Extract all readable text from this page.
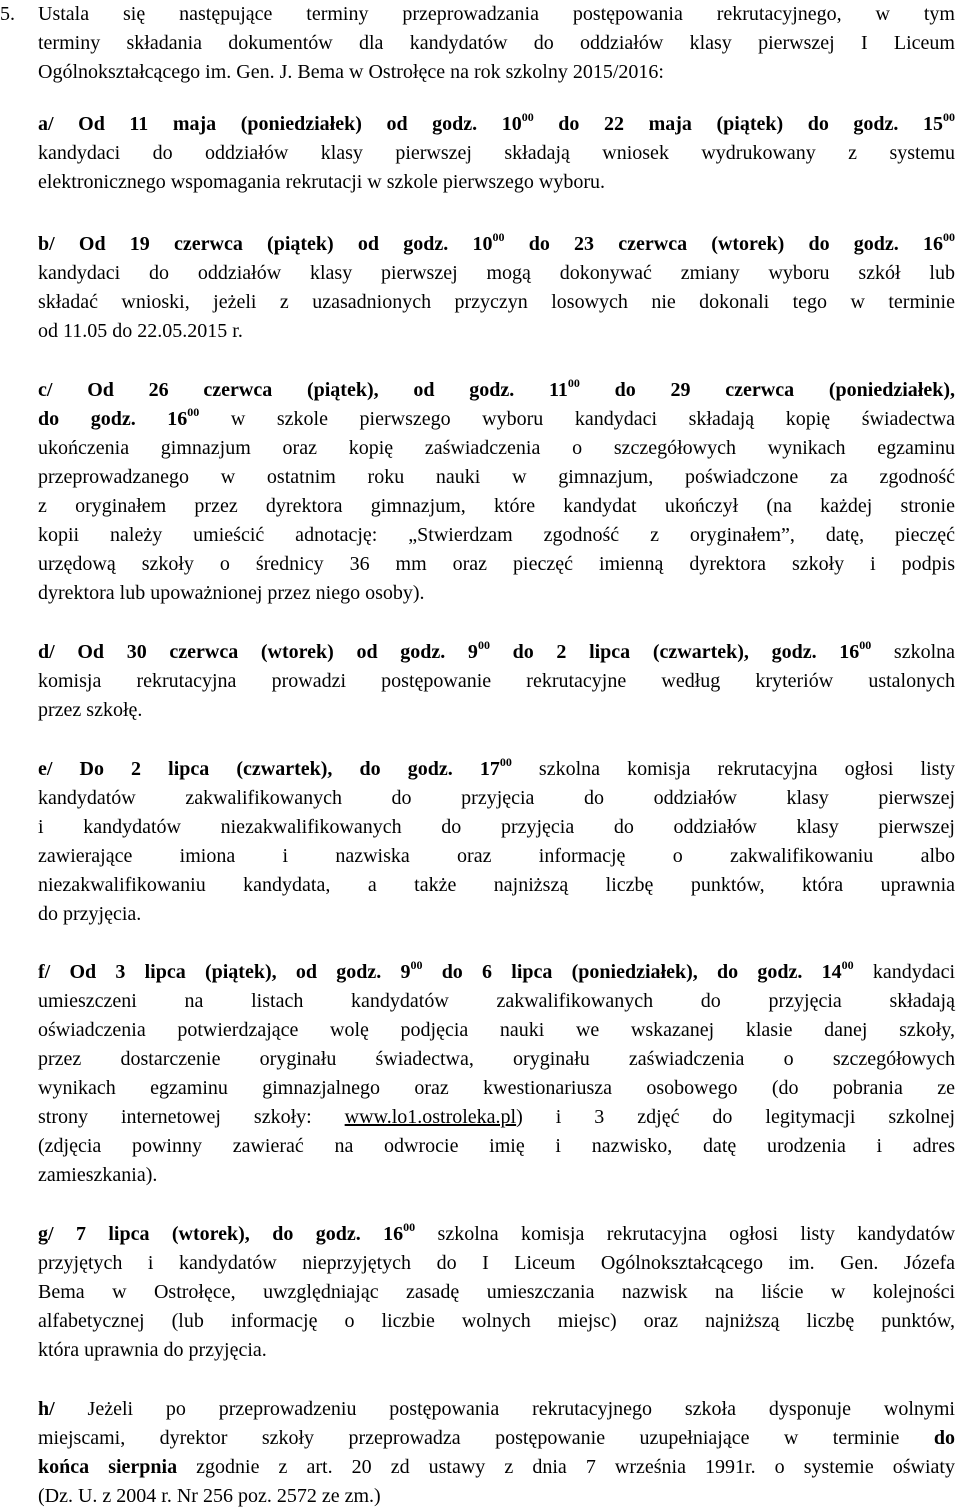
5. Ustala się następujące terminy przeprowadzania postępowania rekrutacyjnego, w tym
terminy składania dokumentów dla kandydatów do oddziałów klasy pierwszej I Liceum
Ogólnokształcącego im. Gen. J. Bema w Ostrołęce na rok szkolny 2015/2016:
a/ Od 11 maja (poniedziałek) od godz. $10^{00}$ do 22 maja (piątek) do godz. $15^{00}$
kandydaci do oddziałów klasy pierwszej składają wniosek wydrukowany z systemu
elektronicznego wspomagania rekrutacji w szkole pierwszego wyboru.
b/ Od 19 czerwca (piątek) od godz. $10^{00}$ do 23 czerwca (wtorek) do godz. $16^{00}$
kandydaci do oddziałów klasy pierwszej mogą dokonywać zmiany wyboru szkół lub
składać wnioski, jeżeli z uzasadnionych przyczyn losowych nie dokonali tego w terminie
od 11.05 do 22.05.2015 r.
c/ Od 26 czerwca (piątek), od godz. $11^{00}$ do 29 czerwca (poniedziałek),
do godz. $16^{00}$ w szkole pierwszego wyboru kandydaci składają kopię świadectwa
ukończenia gimnazjum oraz kopię zaświadczenia o szczegółowych wynikach egzaminu
przeprowadzanego w ostatnim roku nauki w gimnazjum, poświadczone za zgodność
z oryginałem przez dyrektora gimnazjum, które kandydat ukończył (na każdej stronie
kopii należy umieścić adnotację: „Stwierdzam zgodność z oryginałem”, datę, pieczęć
urzędową szkoły o średnicy 36 mm oraz pieczęć imienną dyrektora szkoły i podpis
dyrektora lub upoważnionej przez niego osoby).
d/ Od 30 czerwca (wtorek) od godz. $9^{00}$ do 2 lipca (czwartek), godz. $16^{00}$ szkolna
komisja rekrutacyjna prowadzi postępowanie rekrutacyjne według kryteriów ustalonych
przez szkołę.
e/ Do 2 lipca (czwartek), do godz. $17^{00}$ szkolna komisja rekrutacyjna ogłosi listy
kandydatów zakwalifikowanych do przyjęcia do oddziałów klasy pierwszej
i kandydatów niezakwalifikowanych do przyjęcia do oddziałów klasy pierwszej
zawierające imiona i nazwiska oraz informację o zakwalifikowaniu albo
niezakwalifikowaniu kandydata, a także najniższą liczbę punktów, która uprawnia
do przyjęcia.
f/ Od 3 lipca (piątek), od godz. $9^{00}$ do 6 lipca (poniedziałek), do godz. $14^{00}$ kandydaci
umieszczeni na listach kandydatów zakwalifikowanych do przyjęcia składają
oświadczenia potwierdzające wolę podjęcia nauki we wskazanej klasie danej szkoły,
przez dostarczenie oryginału świadectwa, oryginału zaświadczenia o szczegółowych
wynikach egzaminu gimnazjalnego oraz kwestionariusza osobowego (do pobrania ze
strony internetowej szkoły: www.lo1.ostroleka.pl) i 3 zdjęć do legitymacji szkolnej
(zdjęcia powinny zawierać na odwrocie imię i nazwisko, datę urodzenia i adres
zamieszkania).
g/ 7 lipca (wtorek), do godz. $16^{00}$ szkolna komisja rekrutacyjna ogłosi listy kandydatów
przyjętych i kandydatów nieprzyjętych do I Liceum Ogólnokształcącego im. Gen. Józefa
Bema w Ostrołęce, uwzględniając zasadę umieszczania nazwisk na liście w kolejności
alfabetycznej (lub informację o liczbie wolnych miejsc) oraz najniższą liczbę punktów,
która uprawnia do przyjęcia.
h/ Jeżeli po przeprowadzeniu postępowania rekrutacyjnego szkoła dysponuje wolnymi
miejscami, dyrektor szkoły przeprowadza postępowanie uzupełniające w terminie do
końca sierpnia zgodnie z art. 20 zd ustawy z dnia 7 września 1991r. o systemie oświaty
(Dz. U. z 2004 r. Nr 256 poz. 2572 ze zm.)
